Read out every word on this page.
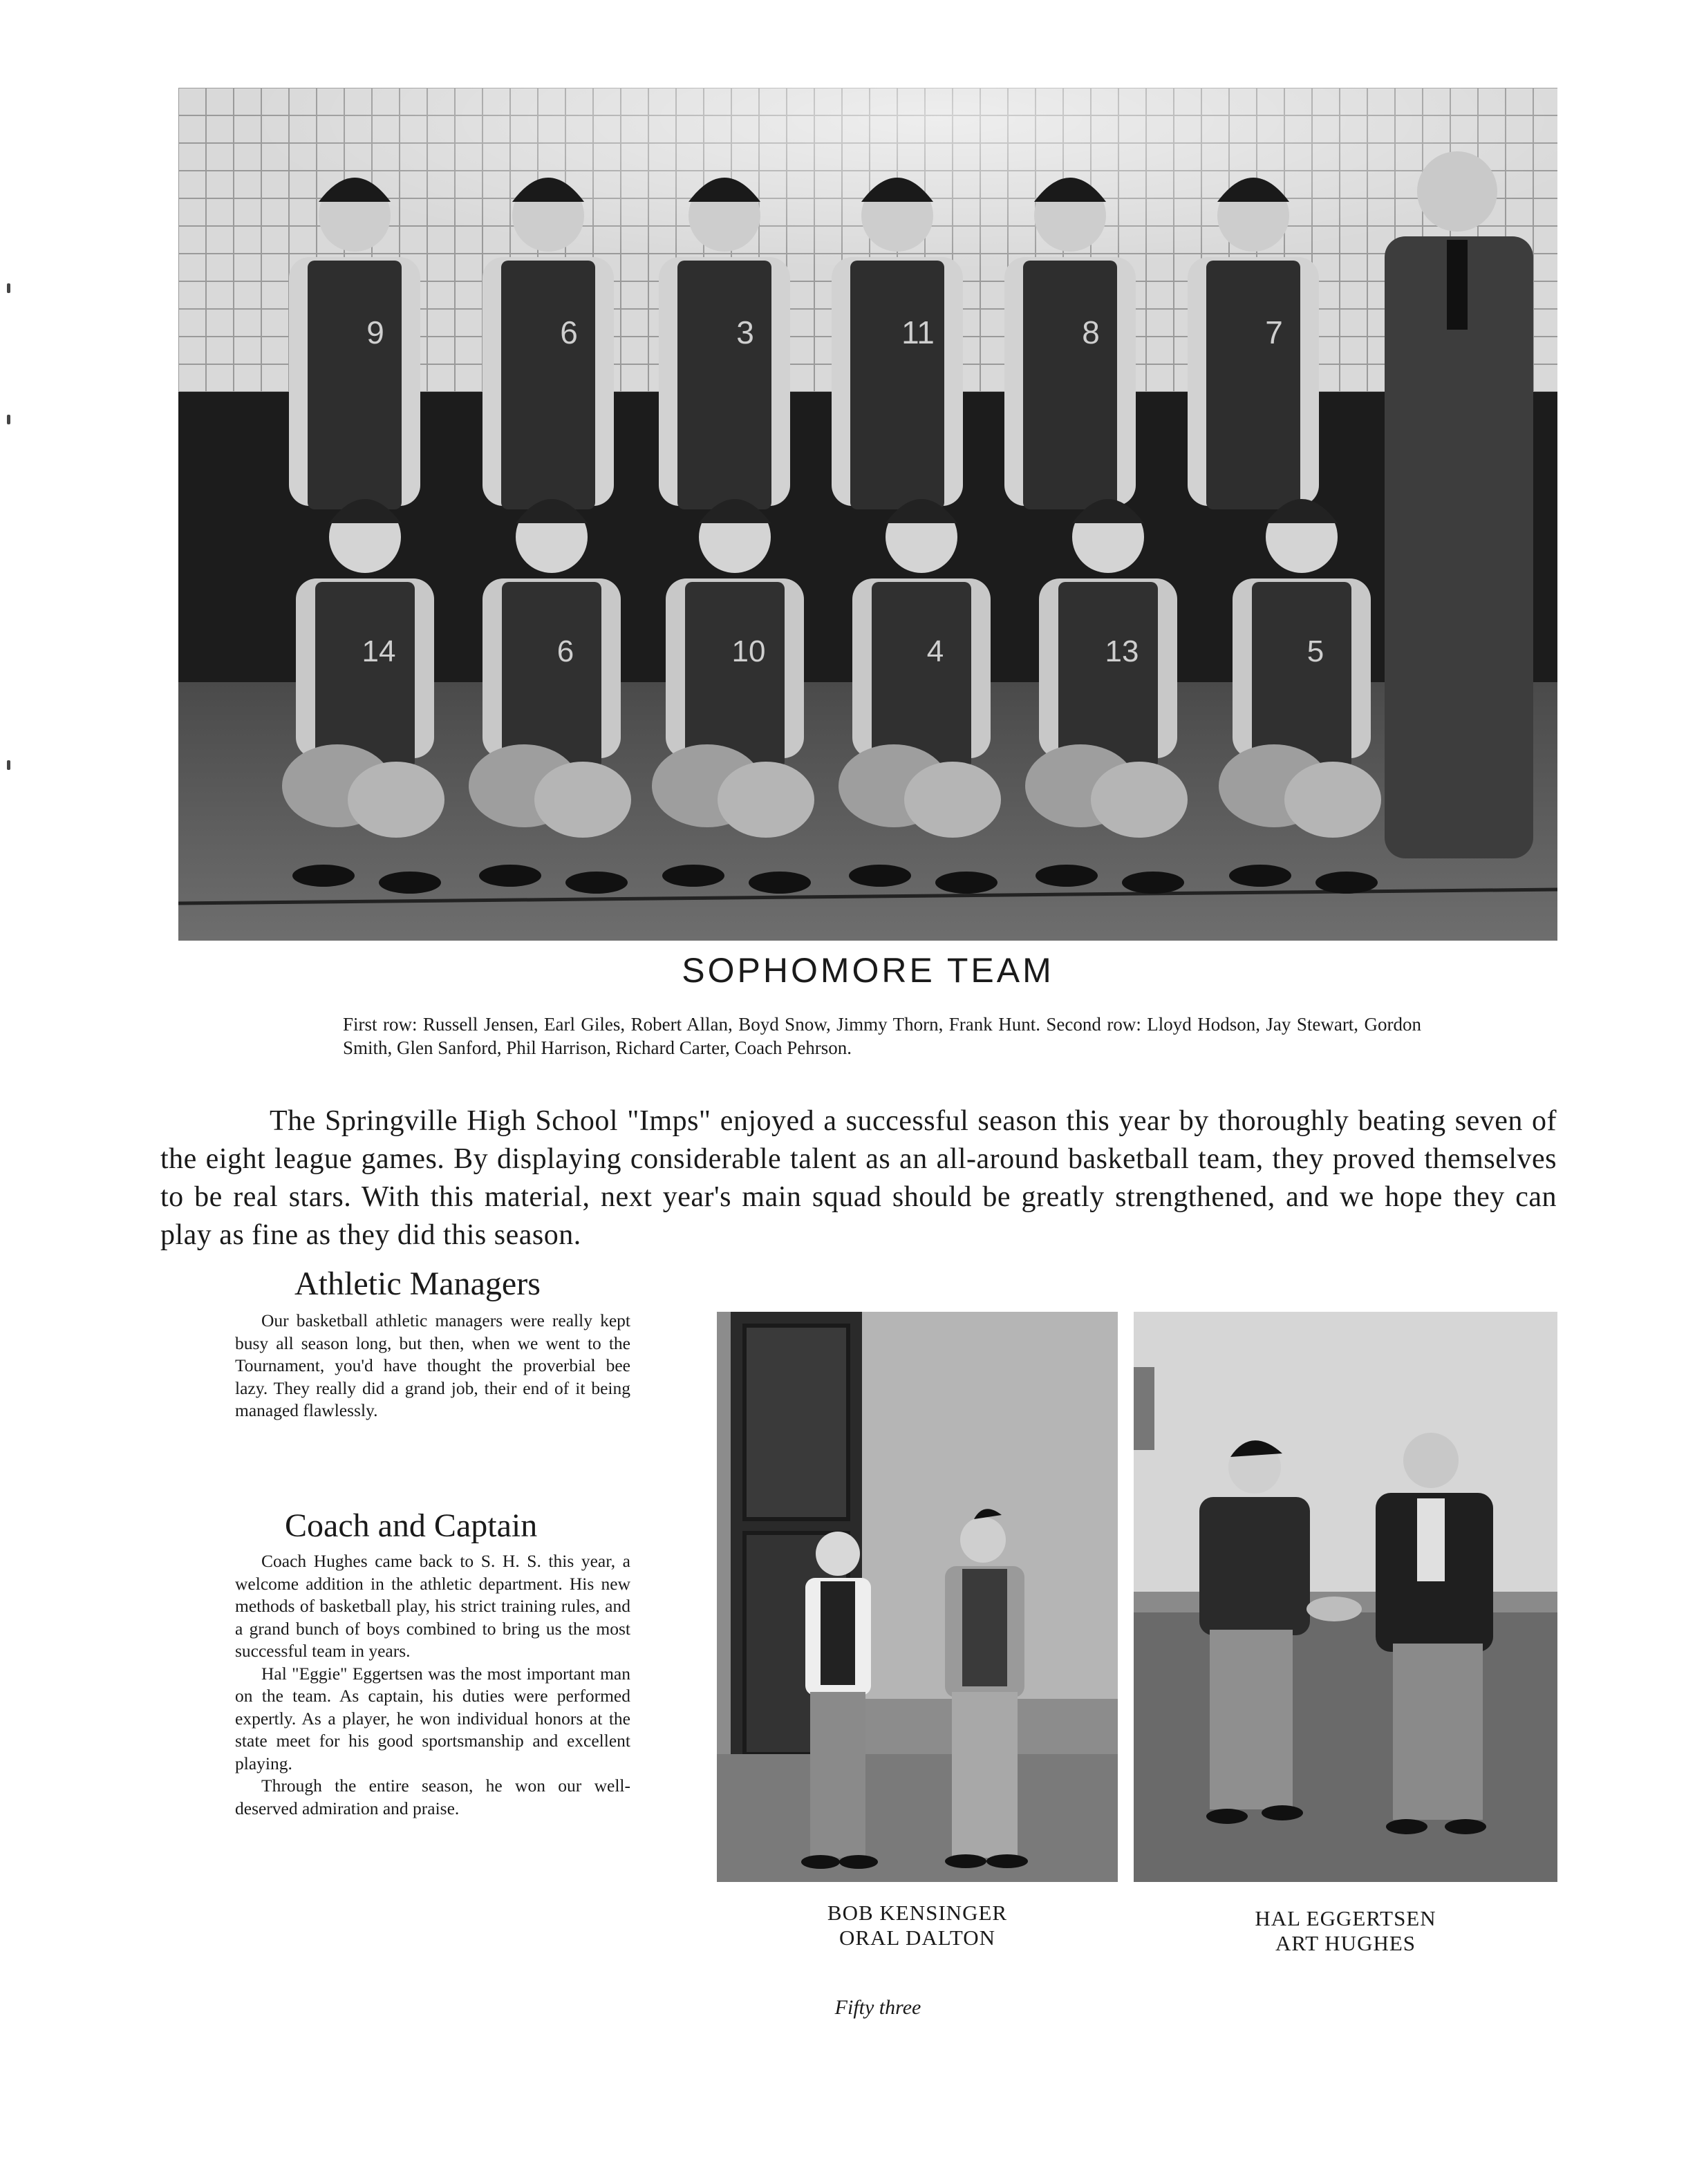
9	6	3	11	8	7
14	6	10	4	13	5
SOPHOMORE TEAM
First row: Russell Jensen, Earl Giles, Robert Allan, Boyd Snow, Jimmy Thorn, Frank Hunt. Second row: Lloyd Hodson, Jay Stewart, Gordon Smith, Glen Sanford, Phil Harrison, Richard Carter, Coach Pehrson.
The Springville High School "Imps" enjoyed a successful season this year by thoroughly beating seven of the eight league games. By displaying considerable talent as an all-around basketball team, they proved themselves to be real stars. With this material, next year's main squad should be greatly strengthened, and we hope they can play as fine as they did this season.
Athletic Managers

Our basketball athletic managers were really kept busy all season long, but then, when we went to the Tournament, you'd have thought the proverbial bee lazy. They really did a grand job, their end of it being managed flawlessly.

Coach and Captain

Coach Hughes came back to S. H. S. this year, a welcome addition in the athletic department. His new methods of basketball play, his strict training rules, and a grand bunch of boys combined to bring us the most successful team in years.

Hal "Eggie" Eggertsen was the most important man on the team. As captain, his duties were performed expertly. As a player, he won individual honors at the state meet for his good sportsmanship and excellent playing.

Through the entire season, he won our well-deserved admiration and praise.

BOB KENSINGER
ORAL DALTON
HAL EGGERTSEN
ART HUGHES
Fifty three
